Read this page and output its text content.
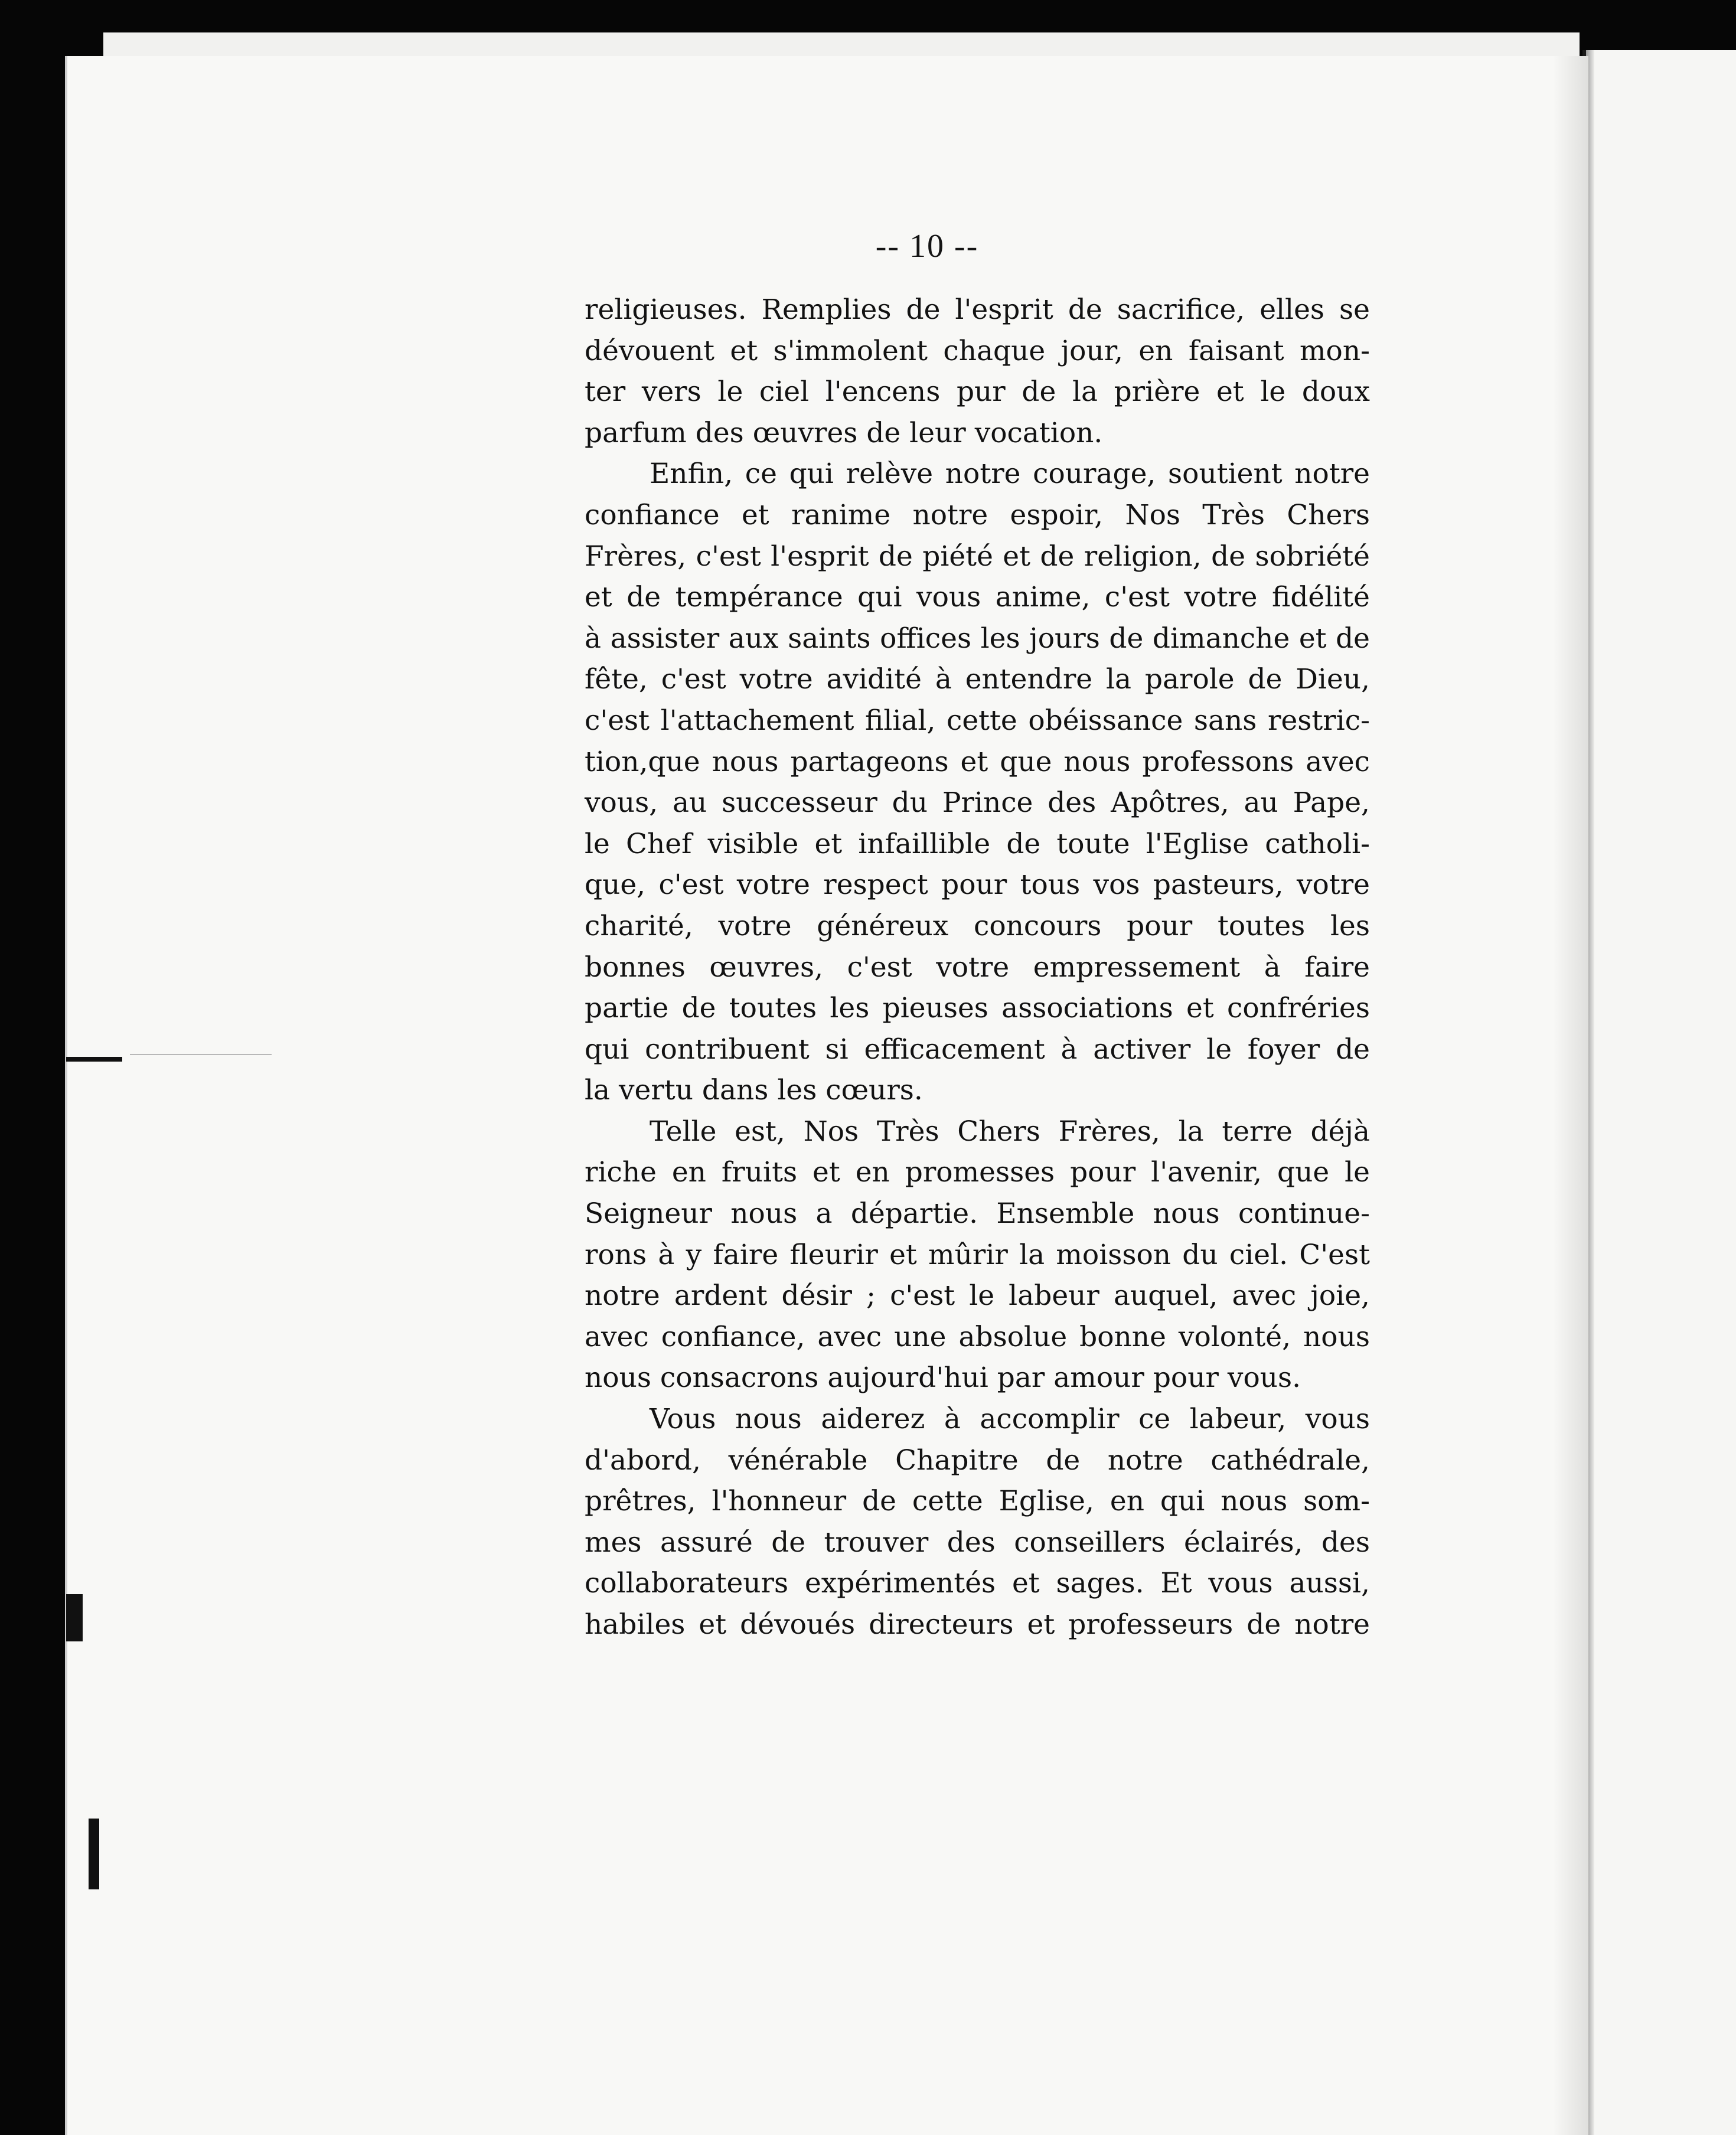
-- 10 --
religieuses. Remplies de l'esprit de sacrifice, elles se
dévouent et s'immolent chaque jour, en faisant mon-
ter vers le ciel l'encens pur de la prière et le doux
parfum des œuvres de leur vocation.
Enfin, ce qui relève notre courage, soutient notre
confiance et ranime notre espoir, Nos Très Chers
Frères, c'est l'esprit de piété et de religion, de sobriété
et de tempérance qui vous anime, c'est votre fidélité
à assister aux saints offices les jours de dimanche et de
fête, c'est votre avidité à entendre la parole de Dieu,
c'est l'attachement filial, cette obéissance sans restric-
tion,que nous partageons et que nous professons avec
vous, au successeur du Prince des Apôtres, au Pape,
le Chef visible et infaillible de toute l'Eglise catholi-
que, c'est votre respect pour tous vos pasteurs, votre
charité, votre généreux concours pour toutes les
bonnes œuvres, c'est votre empressement à faire
partie de toutes les pieuses associations et confréries
qui contribuent si efficacement à activer le foyer de
la vertu dans les cœurs.
Telle est, Nos Très Chers Frères, la terre déjà
riche en fruits et en promesses pour l'avenir, que le
Seigneur nous a départie. Ensemble nous continue-
rons à y faire fleurir et mûrir la moisson du ciel. C'est
notre ardent désir ; c'est le labeur auquel, avec joie,
avec confiance, avec une absolue bonne volonté, nous
nous consacrons aujourd'hui par amour pour vous.
Vous nous aiderez à accomplir ce labeur, vous
d'abord, vénérable Chapitre de notre cathédrale,
prêtres, l'honneur de cette Eglise, en qui nous som-
mes assuré de trouver des conseillers éclairés, des
collaborateurs expérimentés et sages. Et vous aussi,
habiles et dévoués directeurs et professeurs de notre
